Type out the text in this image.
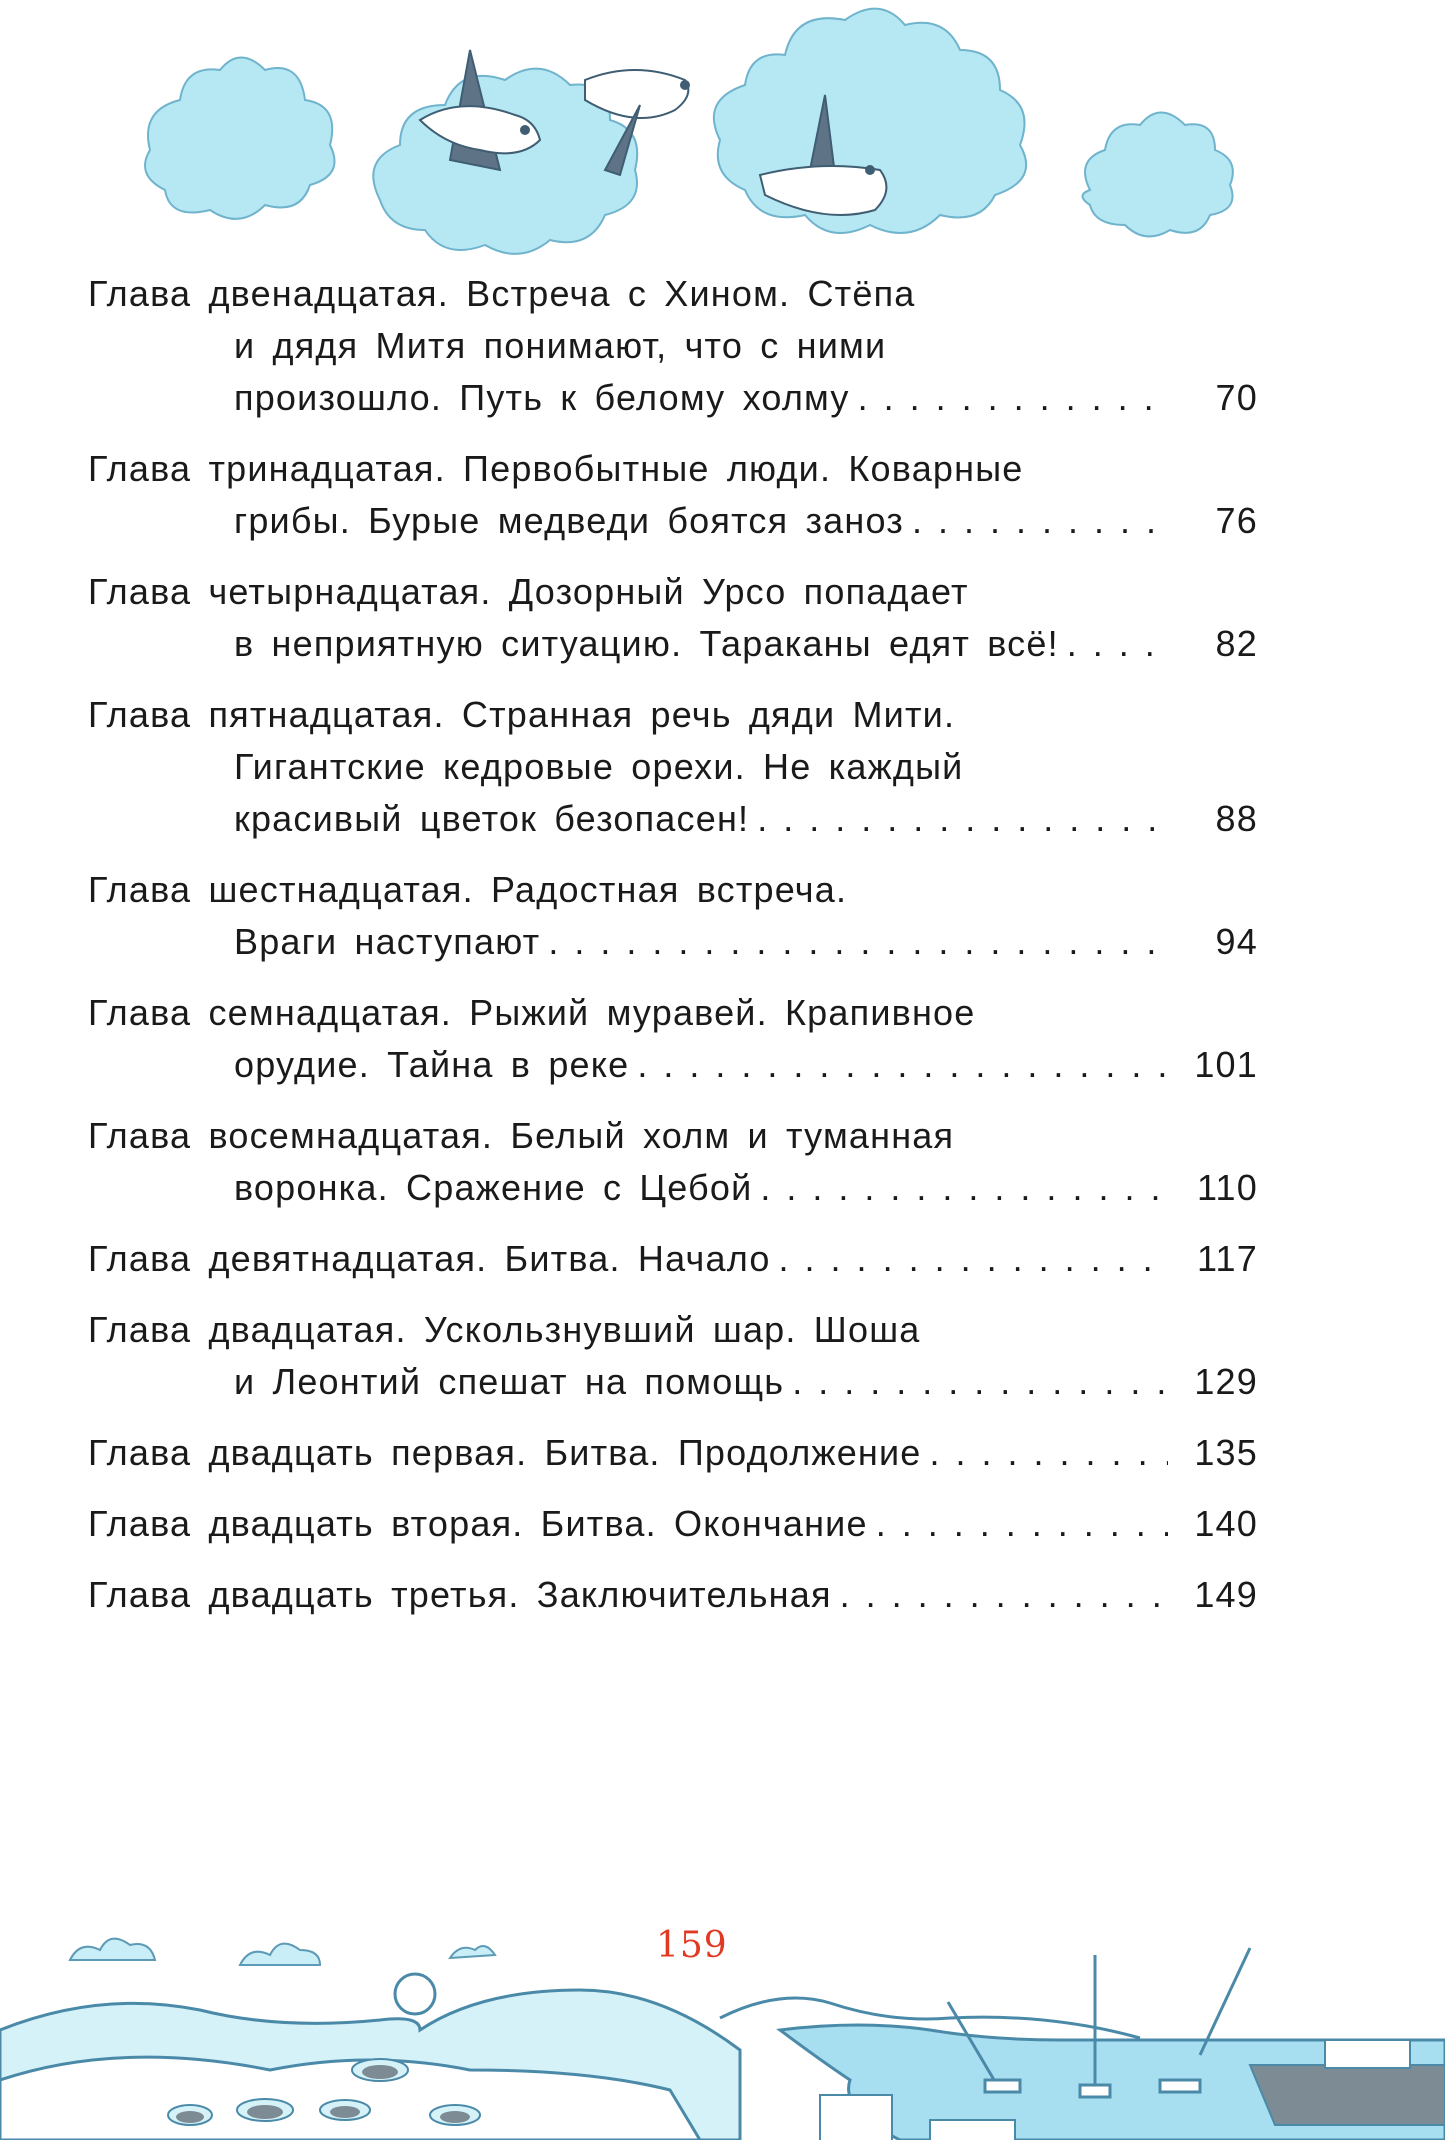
Глава двенадцатая. Встреча с Хином. Стёпа
и дядя Митя понимают, что с ними
произошло. Путь к белому холму . . .	70
Глава тринадцатая. Первобытные люди. Коварные
грибы. Бурые медведи боятся заноз . . .	76
Глава четырнадцатая. Дозорный Урсо попадает
в неприятную ситуацию. Тараканы едят всё! . . .	82
Глава пятнадцатая. Странная речь дяди Мити.
Гигантские кедровые орехи. Не каждый
красивый цветок безопасен! . . .	88
Глава шестнадцатая. Радостная встреча.
Враги наступают . . .	94
Глава семнадцатая. Рыжий муравей. Крапивное
орудие. Тайна в реке . . .	101
Глава восемнадцатая. Белый холм и туманная
воронка. Сражение с Цебой . . .	110
Глава девятнадцатая. Битва. Начало . . .	117
Глава двадцатая. Ускользнувший шар. Шоша
и Леонтий спешат на помощь . . .	129
Глава двадцать первая. Битва. Продолжение . . .	135
Глава двадцать вторая. Битва. Окончание . . .	140
Глава двадцать третья. Заключительная . . .	149
159
